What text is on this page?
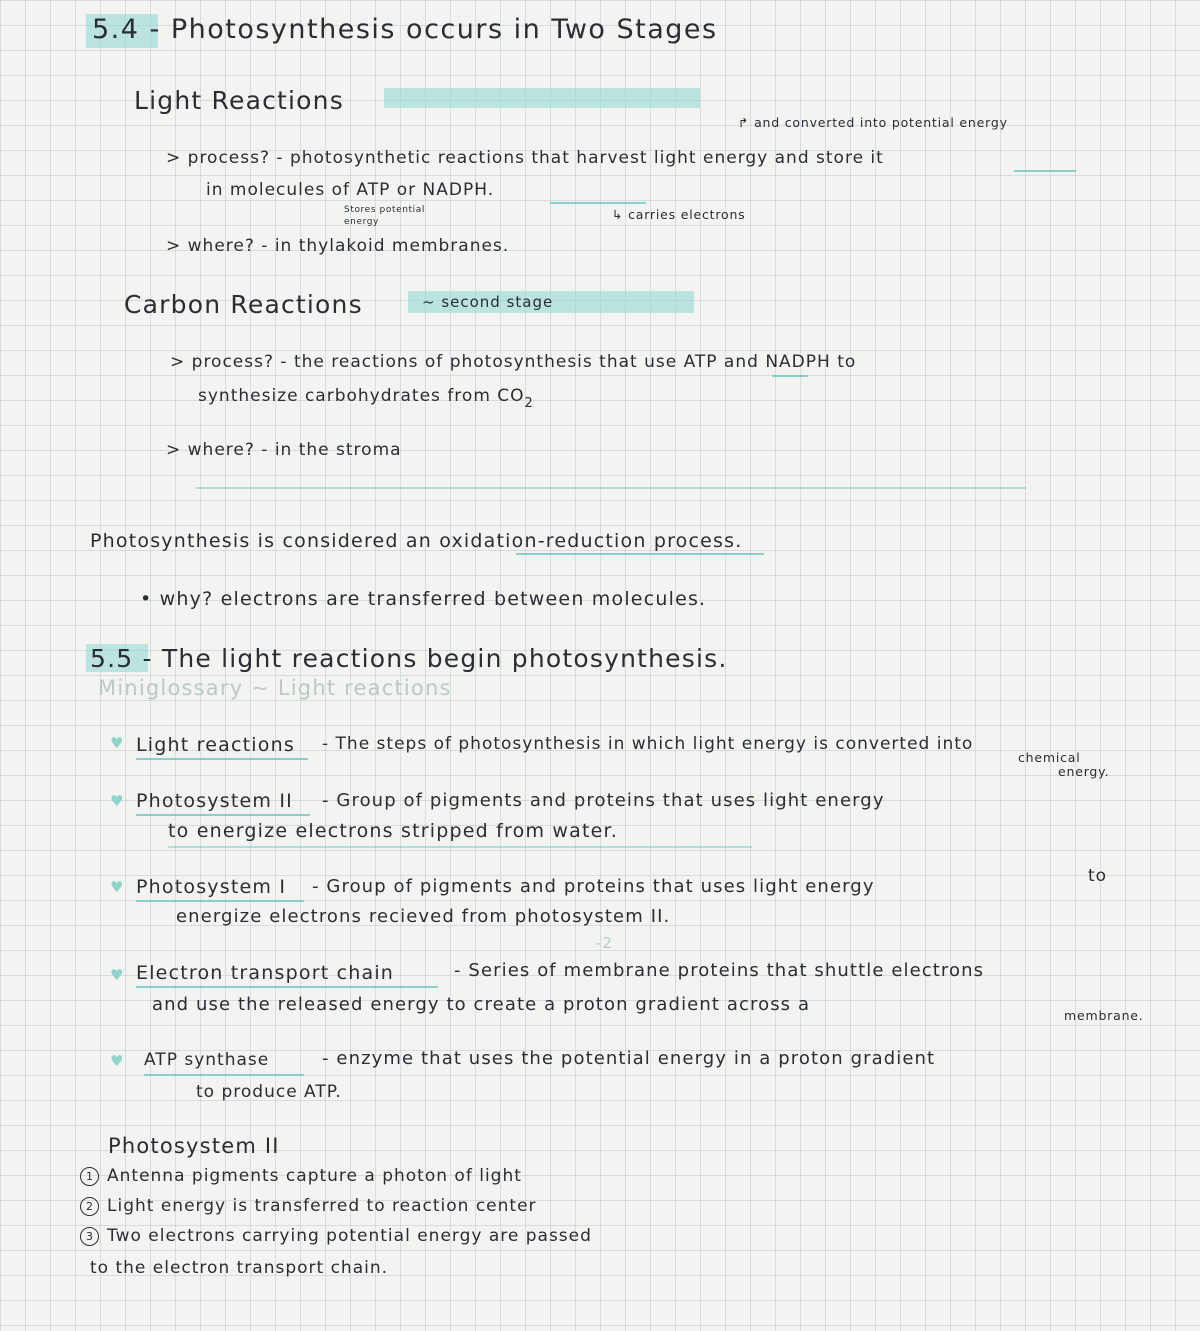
5.4 - Photosynthesis occurs in Two Stages
Light Reactions
↱ and converted into potential energy
> process? - photosynthetic reactions that harvest light energy and store it
in molecules of ATP or NADPH.
Stores potential
energy	↳ carries electrons
> where? - in thylakoid membranes.
Carbon Reactions	~ second stage
> process? - the reactions of photosynthesis that use ATP and NADPH to
synthesize carbohydrates from $CO_2$
> where? - in the stroma
Photosynthesis is considered an oxidation-reduction process.
• why? electrons are transferred between molecules.
5.5 - The light reactions begin photosynthesis.
Miniglossary ~ Light reactions
♥ Light reactions - The steps of photosynthesis in which light energy is converted into
chemical
energy.
♥ Photosystem II - Group of pigments and proteins that uses light energy
to energize electrons stripped from water.
♥ Photosystem I - Group of pigments and proteins that uses light energy	to
energize electrons recieved from photosystem II.
-2
♥ Electron transport chain	- Series of membrane proteins that shuttle electrons
and use the released energy to create a proton gradient across a
membrane.
♥ ATP synthase	- enzyme that uses the potential energy in a proton gradient
to produce ATP.
Photosystem II
1 Antenna pigments capture a photon of light
2 Light energy is transferred to reaction center
3 Two electrons carrying potential energy are passed
to the electron transport chain.
